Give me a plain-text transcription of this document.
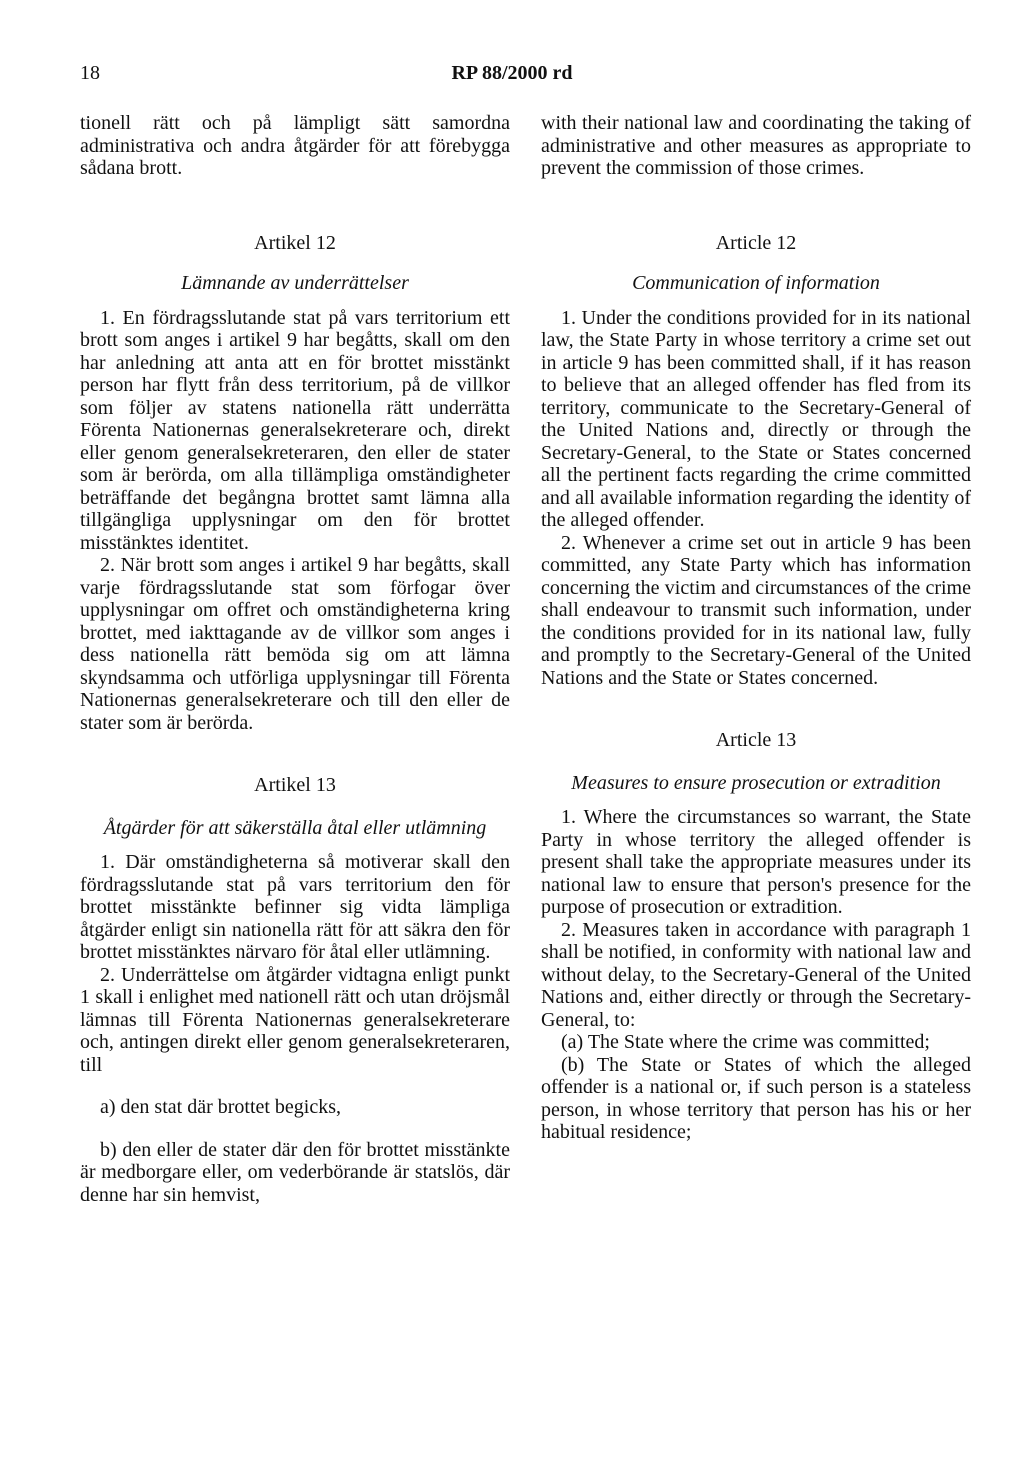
18	RP 88/2000 rd

tionell rätt och på lämpligt sätt samordna administrativa och andra åtgärder för att förebygga sådana brott.

Artikel 12
Lämnande av underrättelser

1. En fördragsslutande stat på vars territorium ett brott som anges i artikel 9 har begåtts, skall om den har anledning att anta att en för brottet misstänkt person har flytt från dess territorium, på de villkor som följer av statens nationella rätt underrätta Förenta Nationernas generalsekreterare och, direkt eller genom generalsekreteraren, den eller de stater som är berörda, om alla tillämpliga omständigheter beträffande det begångna brottet samt lämna alla tillgängliga upplysningar om den för brottet misstänktes identitet.

2. När brott som anges i artikel 9 har begåtts, skall varje fördragsslutande stat som förfogar över upplysningar om offret och omständigheterna kring brottet, med iakttagande av de villkor som anges i dess nationella rätt bemöda sig om att lämna skyndsamma och utförliga upplysningar till Förenta Nationernas generalsekreterare och till den eller de stater som är berörda.

Artikel 13
Åtgärder för att säkerställa åtal eller utlämning

1. Där omständigheterna så motiverar skall den fördragsslutande stat på vars territorium den för brottet misstänkte befinner sig vidta lämpliga åtgärder enligt sin nationella rätt för att säkra den för brottet misstänktes närvaro för åtal eller utlämning.

2. Underrättelse om åtgärder vidtagna enligt punkt 1 skall i enlighet med nationell rätt och utan dröjsmål lämnas till Förenta Nationernas generalsekreterare och, antingen direkt eller genom generalsekreteraren, till

a) den stat där brottet begicks,

b) den eller de stater där den för brottet misstänkte är medborgare eller, om vederbörande är statslös, där denne har sin hemvist,

with their national law and coordinating the taking of administrative and other measures as appropriate to prevent the commission of those crimes.

Article 12
Communication of information

1. Under the conditions provided for in its national law, the State Party in whose territory a crime set out in article 9 has been committed shall, if it has reason to believe that an alleged offender has fled from its territory, communicate to the Secretary-General of the United Nations and, directly or through the Secretary-General, to the State or States concerned all the pertinent facts regarding the crime committed and all available information regarding the identity of the alleged offender.

2. Whenever a crime set out in article 9 has been committed, any State Party which has information concerning the victim and circumstances of the crime shall endeavour to transmit such information, under the conditions provided for in its national law, fully and promptly to the Secretary-General of the United Nations and the State or States concerned.

Article 13
Measures to ensure prosecution or extradition

1. Where the circumstances so warrant, the State Party in whose territory the alleged offender is present shall take the appropriate measures under its national law to ensure that person's presence for the purpose of prosecution or extradition.

2. Measures taken in accordance with paragraph 1 shall be notified, in conformity with national law and without delay, to the Secretary-General of the United Nations and, either directly or through the Secretary-General, to:

(a) The State where the crime was committed;

(b) The State or States of which the alleged offender is a national or, if such person is a stateless person, in whose territory that person has his or her habitual residence;
